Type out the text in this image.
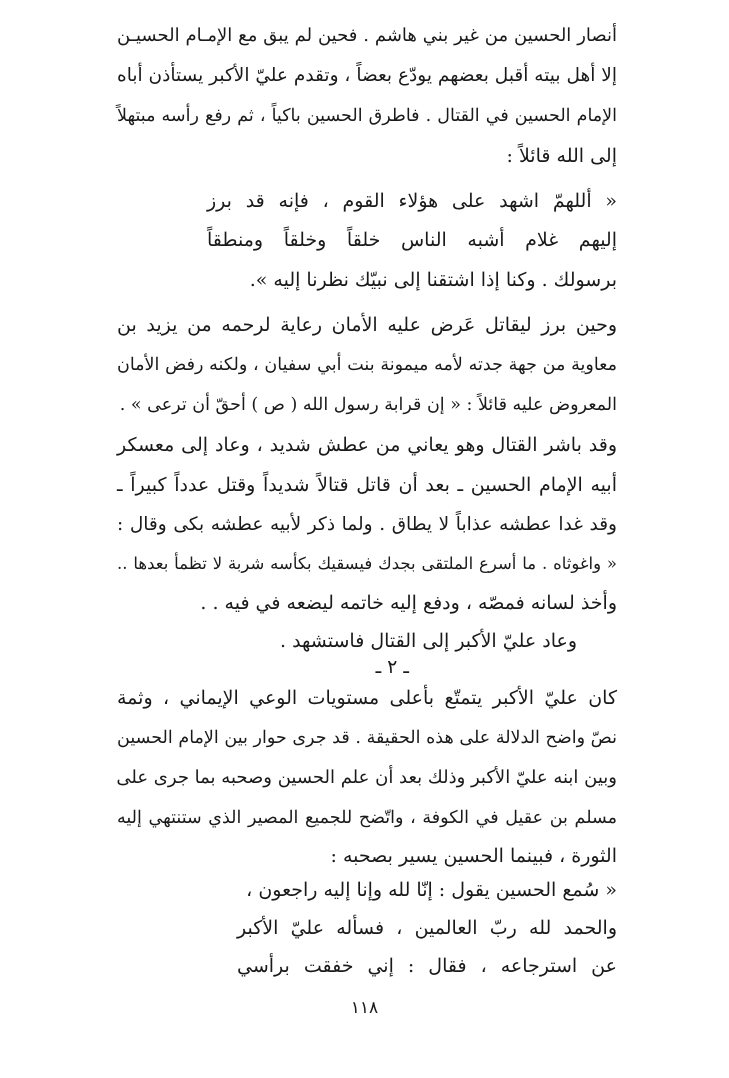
أنصار الحسين من غير بني هاشم . فحين لم يبق مع الإمـام الحسيـن
إلا أهل بيته أقبل بعضهم يودّع بعضاً ، وتقدم عليّ الأكبر يستأذن أباه
الإمام الحسين في القتال . فاطرق الحسين باكياً ، ثم رفع رأسه مبتهلاً
إلى الله قائلاً :
« أللهمّ اشهد على هؤلاء القوم ، فإنه قد برز
إليهم غلام أشبه الناس خلقاً وخلقاً ومنطقاً
برسولك . وكنا إذا اشتقنا إلى نبيّك نظرنا إليه ».
وحين برز ليقاتل عَرض عليه الأمان رعاية لرحمه من يزيد بن
معاوية من جهة جدته لأمه ميمونة بنت أبي سفيان ، ولكنه رفض الأمان
المعروض عليه قائلاً : « إن قرابة رسول الله ( ص ) أحقّ أن ترعى » .
وقد باشر القتال وهو يعاني من عطش شديد ، وعاد إلى معسكر
أبيه الإمام الحسين ـ بعد أن قاتل قتالاً شديداً وقتل عدداً كبيراً ـ
وقد غدا عطشه عذاباً لا يطاق . ولما ذكر لأبيه عطشه بكى وقال :
« واغوثاه . ما أسرع الملتقى بجدك فيسقيك بكأسه شربة لا تظمأ بعدها ..
وأخذ لسانه فمصّه ، ودفع إليه خاتمه ليضعه في فيه . .
وعاد عليّ الأكبر إلى القتال فاستشهد .
ـ ٢ ـ
كان عليّ الأكبر يتمتّع بأعلى مستويات الوعي الإيماني ، وثمة
نصّ واضح الدلالة على هذه الحقيقة . قد جرى حوار بين الإمام الحسين
وبين ابنه عليّ الأكبر وذلك بعد أن علم الحسين وصحبه بما جرى على
مسلم بن عقيل في الكوفة ، واتّضح للجميع المصير الذي ستنتهي إليه
الثورة ، فبينما الحسين يسير بصحبه :
« سُمع الحسين يقول : إنّا لله وإنا إليه راجعون ،
والحمد لله ربّ العالمين ، فسأله عليّ الأكبر
عن استرجاعه ، فقال : إني خفقت برأسي
١١٨
